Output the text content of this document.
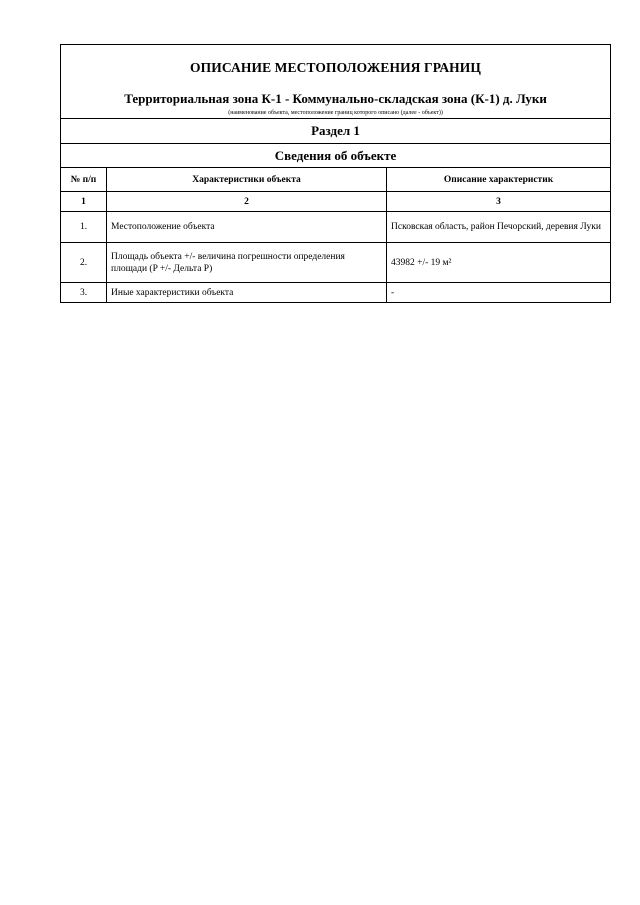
ОПИСАНИЕ МЕСТОПОЛОЖЕНИЯ ГРАНИЦ
Территориальная зона К-1 - Коммунально-складская зона (К-1) д. Луки
(наименование объекта, местоположение границ которого описано (далее - объект))		

Раздел 1		
Сведения об объекте		
№ п/п	Характеристики объекта	Описание характеристик
1	2	3
1.	Местоположение объекта	Псковская область, район Печорский, деревия Луки
2.	Площадь объекта +/- величина погрешности определения площади (P +/- Дельта P)	43982 +/- 19 м²
3.	Иные характеристики объекта	-
